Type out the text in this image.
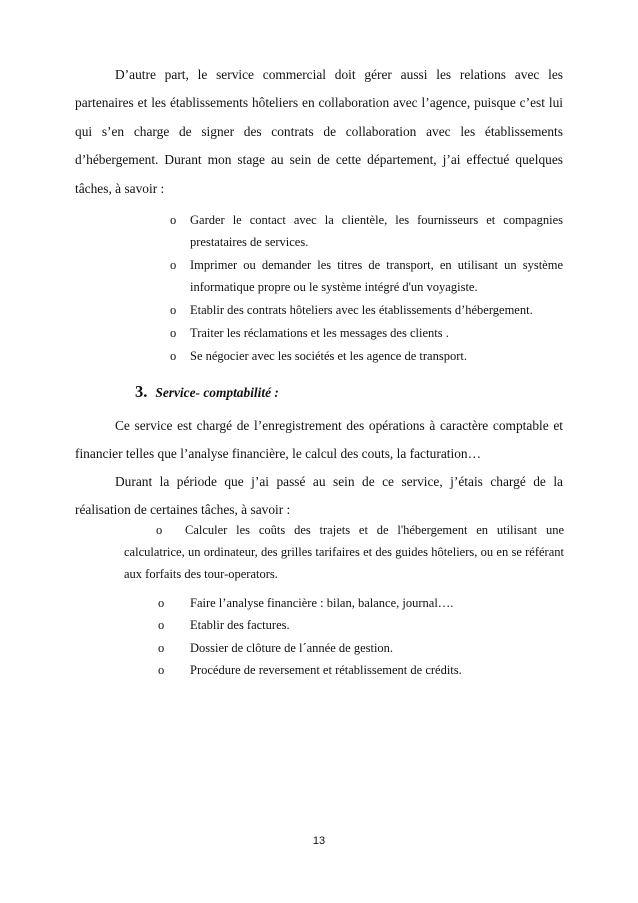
D’autre part, le service commercial doit gérer aussi les relations avec les partenaires et les établissements hôteliers en collaboration avec l’agence, puisque c’est lui qui s’en charge de signer des contrats de collaboration avec les établissements d’hébergement. Durant mon stage au sein de cette département, j’ai effectué quelques tâches, à savoir :

o Garder le contact avec la clientèle, les fournisseurs et compagnies prestataires de services.
o Imprimer ou demander les titres de transport, en utilisant un système informatique propre ou le système intégré d'un voyagiste.
o Etablir des contrats hôteliers avec les établissements d’hébergement.
o Traiter les réclamations et les messages des clients .
o Se négocier avec les sociétés et les agence de transport.
3. Service- comptabilité :

Ce service est chargé de l’enregistrement des opérations à caractère comptable et financier telles que l’analyse financière, le calcul des couts, la facturation…

Durant la période que j’ai passé au sein de ce service, j’étais chargé de la réalisation de certaines tâches, à savoir :

o Calculer les coûts des trajets et de l'hébergement en utilisant une calculatrice, un ordinateur, des grilles tarifaires et des guides hôteliers, ou en se référant aux forfaits des tour-operators.

o Faire l’analyse financière : bilan, balance, journal….
o Etablir des factures.
o Dossier de clôture de l´année de gestion.
o Procédure de reversement et rétablissement de crédits.
13
